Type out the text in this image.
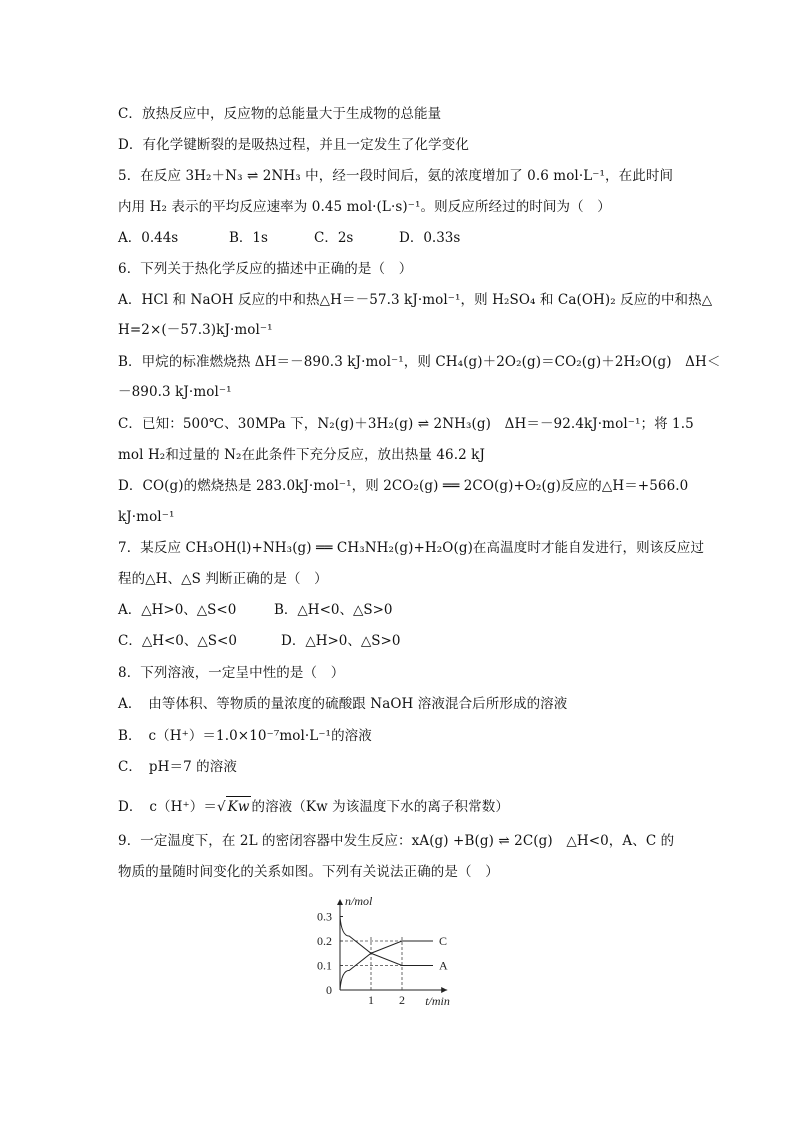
C．放热反应中，反应物的总能量大于生成物的总能量
D．有化学键断裂的是吸热过程，并且一定发生了化学变化
5．在反应 3H₂＋N₃ ⇌ 2NH₃ 中，经一段时间后，氨的浓度增加了 0.6 mol·L⁻¹，在此时间
内用 H₂ 表示的平均反应速率为 0.45 mol·(L·s)⁻¹。则反应所经过的时间为（　）
A．0.44s	B．1s	C．2s	D．0.33s
6．下列关于热化学反应的描述中正确的是（　）
A．HCl 和 NaOH 反应的中和热△H＝－57.3 kJ·mol⁻¹，则 H₂SO₄ 和 Ca(OH)₂ 反应的中和热△
H=2×(－57.3)kJ·mol⁻¹
B．甲烷的标准燃烧热 ΔH＝－890.3 kJ·mol⁻¹，则 CH₄(g)＋2O₂(g)＝CO₂(g)＋2H₂O(g)　ΔH＜
－890.3 kJ·mol⁻¹
C．已知：500℃、30MPa 下，N₂(g)＋3H₂(g) ⇌ 2NH₃(g)　ΔH＝－92.4kJ·mol⁻¹；将 1.5
mol H₂和过量的 N₂在此条件下充分反应，放出热量 46.2 kJ
D．CO(g)的燃烧热是 283.0kJ·mol⁻¹，则 2CO₂(g) ══ 2CO(g)+O₂(g)反应的△H＝+566.0
kJ·mol⁻¹
7．某反应 CH₃OH(l)+NH₃(g) ══ CH₃NH₂(g)+H₂O(g)在高温度时才能自发进行，则该反应过
程的△H、△S 判断正确的是（　）
A．△H>0、△S<0	B．△H<0、△S>0
C．△H<0、△S<0	D．△H>0、△S>0
8．下列溶液，一定呈中性的是（　）
A．　由等体积、等物质的量浓度的硫酸跟 NaOH 溶液混合后所形成的溶液
B．　c（H⁺）＝1.0×10⁻⁷mol·L⁻¹的溶液
C．　pH＝7 的溶液
D．　c（H⁺）＝√ Kw 的溶液（Kw 为该温度下水的离子积常数）
9．一定温度下，在 2L 的密闭容器中发生反应：xA(g) +B(g) ⇌ 2C(g)　△H<0，A、C 的
物质的量随时间变化的关系如图。下列有关说法正确的是（　）
n/mol
t/min
0.3
0.2
0.1
0
1 2
C
A
